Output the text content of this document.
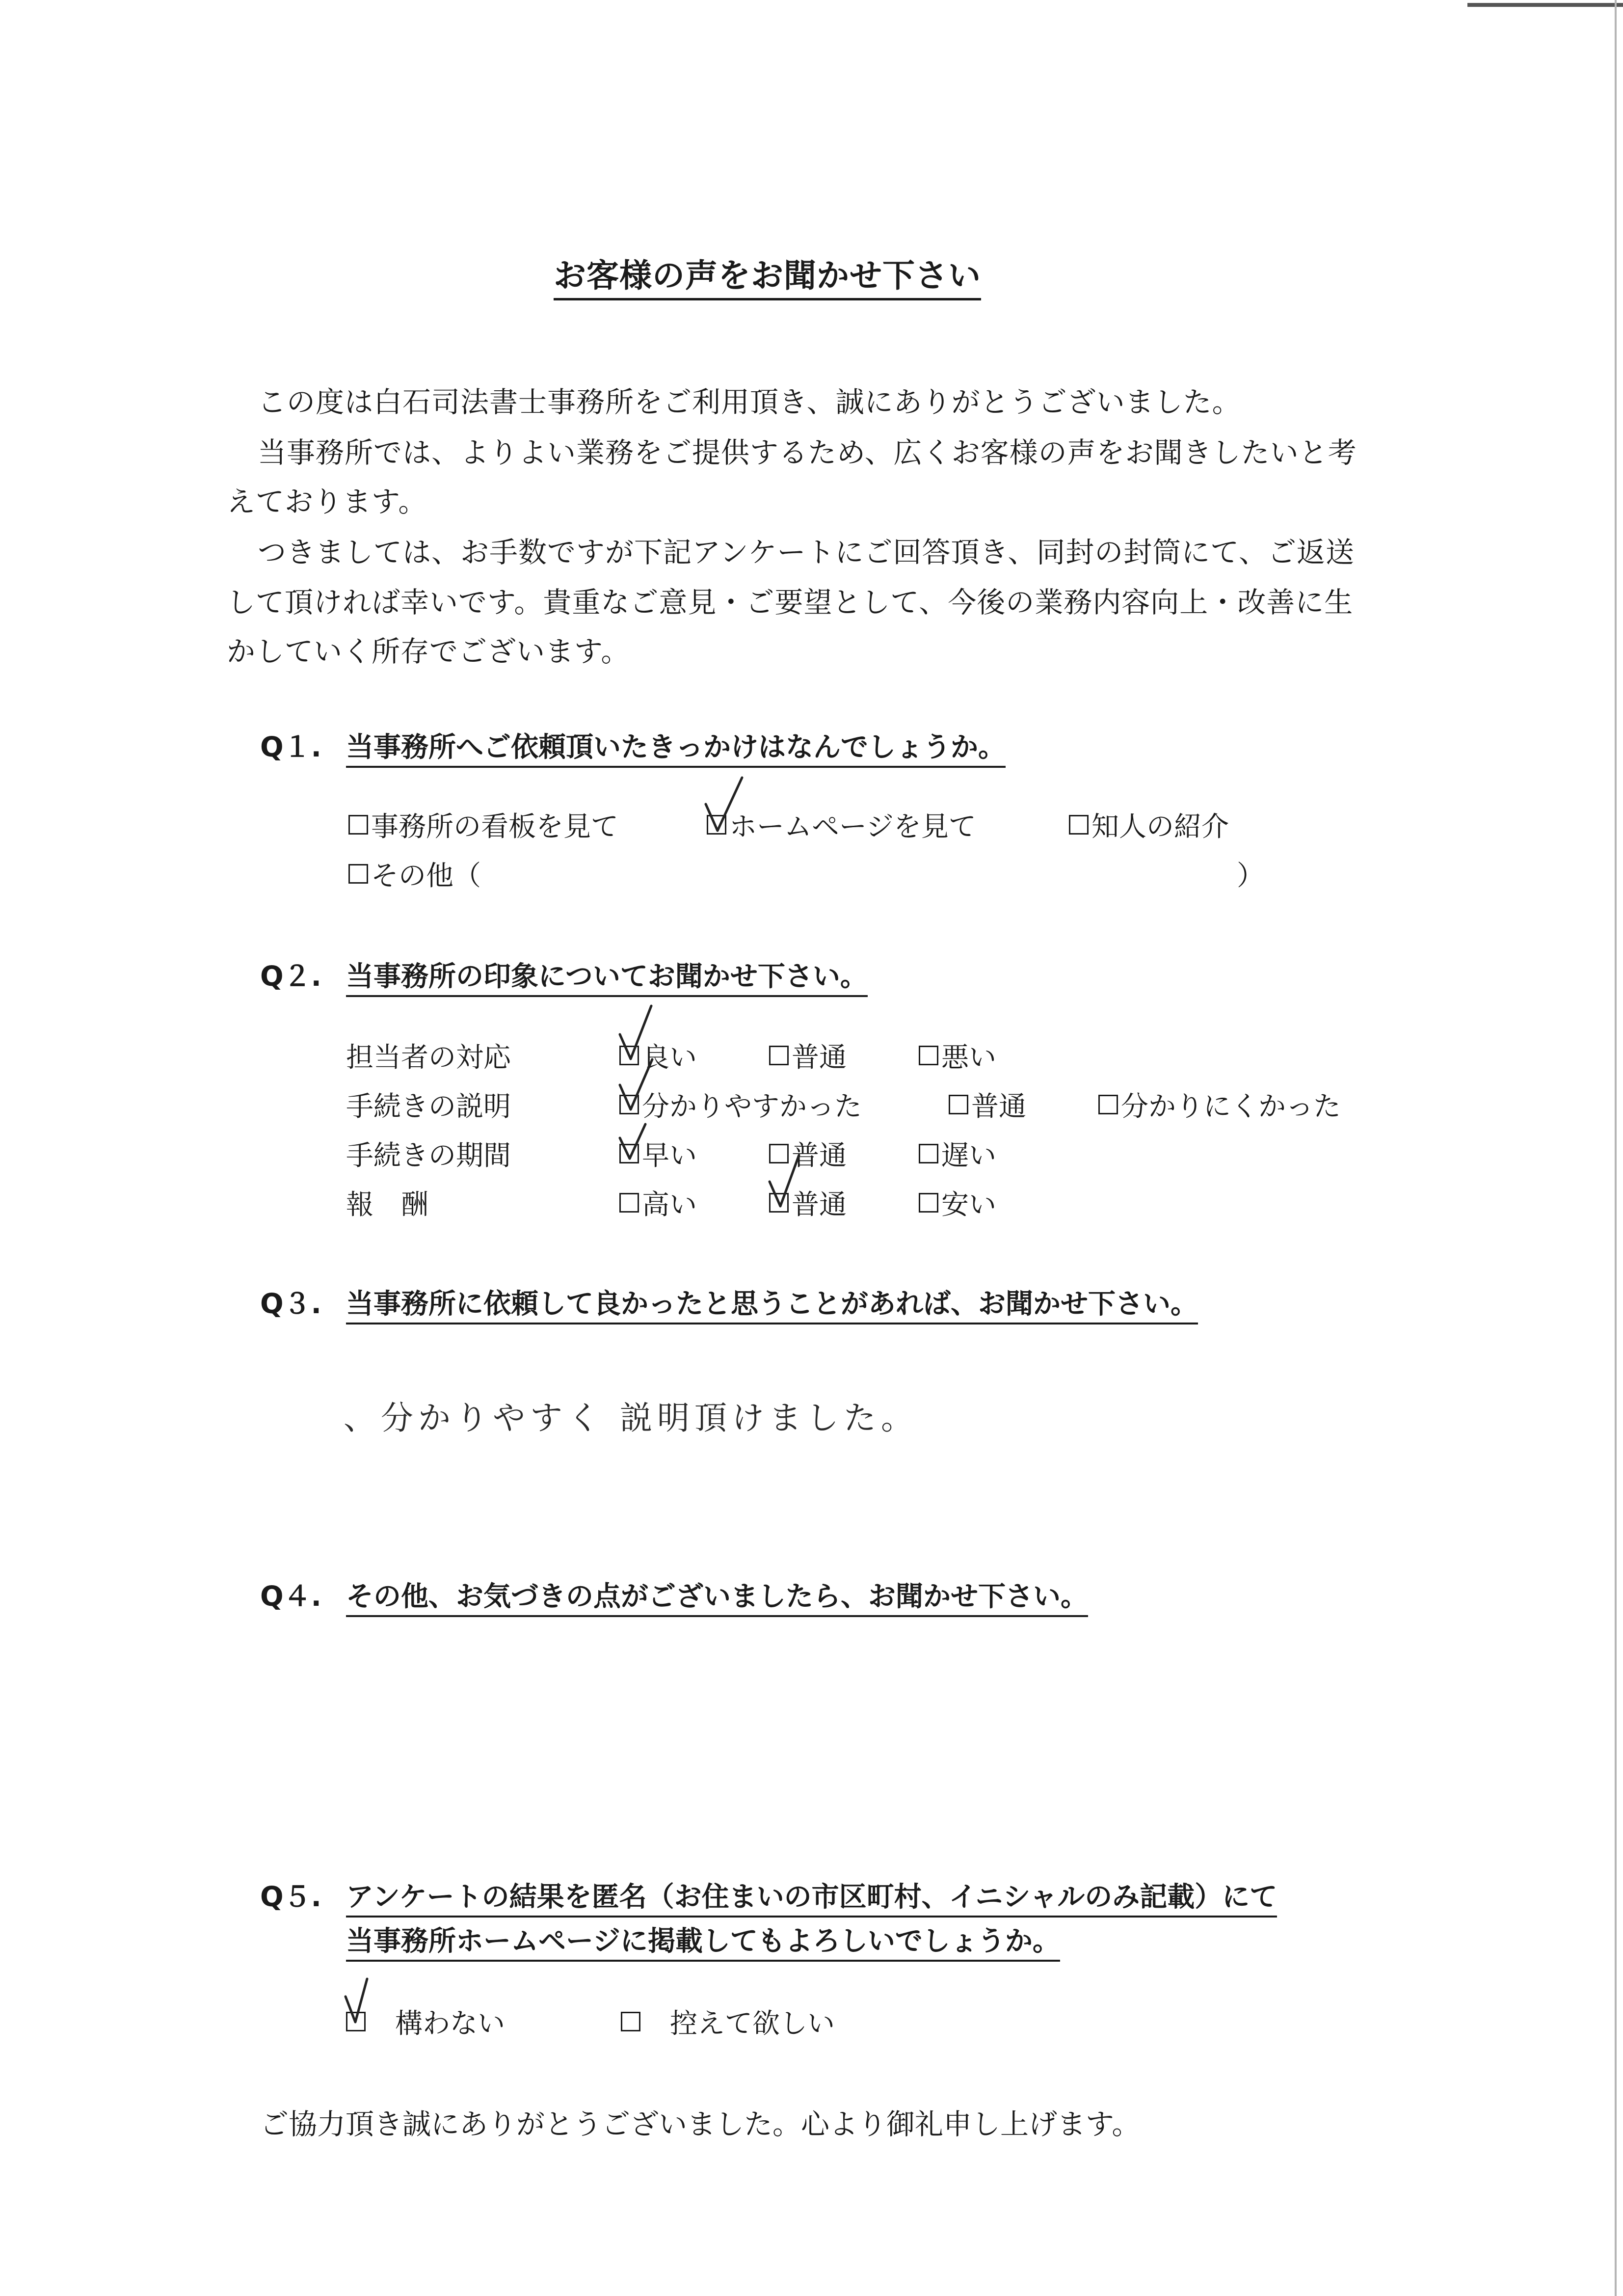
お客様の声をお聞かせ下さい
この度は白石司法書士事務所をご利用頂き、誠にありがとうございました。
当事務所では、よりよい業務をご提供するため、広くお客様の声をお聞きしたいと考
えております。
つきましては、お手数ですが下記アンケートにご回答頂き、同封の封筒にて、ご返送
して頂ければ幸いです。貴重なご意見・ご要望として、今後の業務内容向上・改善に生
かしていく所存でございます。
Q１. 当事務所へご依頼頂いたきっかけはなんでしょうか。
事務所の看板を見て	ホームページを見て	知人の紹介
その他 （	）
Q２. 当事務所の印象についてお聞かせ下さい。
担当者の対応	良い	普通	悪い
手続きの説明	分かりやすかった	普通	分かりにくかった
手続きの期間	早い	普通	遅い
報　酬	高い	普通	安い
Q３. 当事務所に依頼して良かったと思うことがあれば、お聞かせ下さい。
、分かりやすく 説明頂けました。
Q４. その他、お気づきの点がございましたら、お聞かせ下さい。
Q５. アンケートの結果を匿名（お住まいの市区町村、イニシャルのみ記載）にて
当事務所ホームページに掲載してもよろしいでしょうか。
構わない	控えて欲しい
ご協力頂き誠にありがとうございました。心より御礼申し上げます。
